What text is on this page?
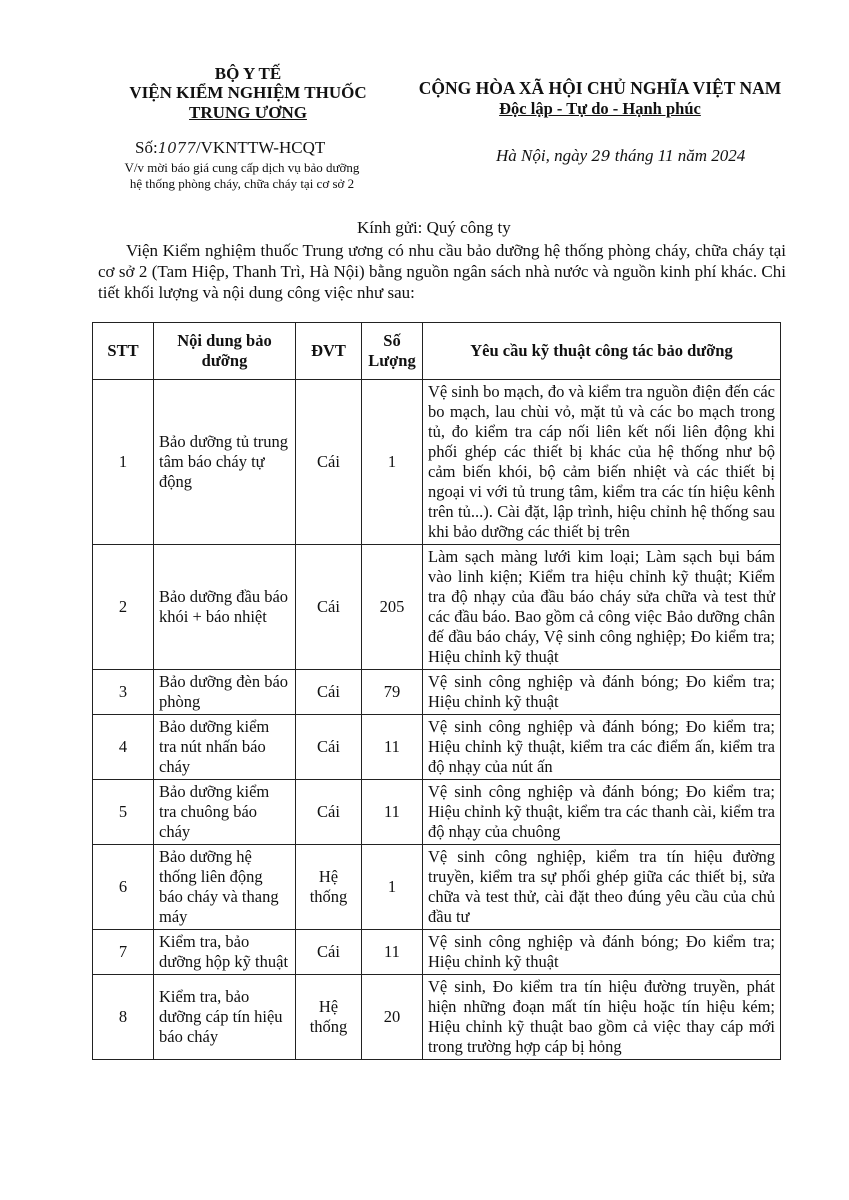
BỘ Y TẾ
VIỆN KIỂM NGHIỆM THUỐC
TRUNG ƯƠNG
CỘNG HÒA XÃ HỘI CHỦ NGHĨA VIỆT NAM
Độc lập - Tự do - Hạnh phúc
Số:1077/VKNTTW-HCQT
V/v mời báo giá cung cấp dịch vụ bảo dưỡng
hệ thống phòng cháy, chữa cháy tại cơ sở 2
Hà Nội, ngày 29 tháng 11 năm 2024
Kính gửi: Quý công ty
Viện Kiểm nghiệm thuốc Trung ương có nhu cầu bảo dưỡng hệ thống phòng cháy, chữa cháy tại cơ sở 2 (Tam Hiệp, Thanh Trì, Hà Nội) bằng nguồn ngân sách nhà nước và nguồn kinh phí khác. Chi tiết khối lượng và nội dung công việc như sau:
STT	Nội dung bảo dưỡng	ĐVT	Số Lượng	Yêu cầu kỹ thuật công tác bảo dưỡng
1	Bảo dưỡng tủ trung tâm báo cháy tự động	Cái	1	Vệ sinh bo mạch, đo và kiểm tra nguồn điện đến các bo mạch, lau chùi vỏ, mặt tủ và các bo mạch trong tủ, đo kiểm tra cáp nối liên kết nối liên động khi phối ghép các thiết bị khác của hệ thống như bộ cảm biến khói, bộ cảm biến nhiệt và các thiết bị ngoại vi với tủ trung tâm, kiểm tra các tín hiệu kênh trên tủ...). Cài đặt, lập trình, hiệu chỉnh hệ thống sau khi bảo dưỡng các thiết bị trên
2	Bảo dưỡng đầu báo khói + báo nhiệt	Cái	205	Làm sạch màng lưới kim loại; Làm sạch bụi bám vào linh kiện; Kiểm tra hiệu chỉnh kỹ thuật; Kiểm tra độ nhạy của đầu báo cháy sửa chữa và test thử các đầu báo. Bao gồm cả công việc Bảo dưỡng chân đế đầu báo cháy, Vệ sinh công nghiệp; Đo kiểm tra; Hiệu chỉnh kỹ thuật
3	Bảo dưỡng đèn báo phòng	Cái	79	Vệ sinh công nghiệp và đánh bóng; Đo kiểm tra; Hiệu chỉnh kỹ thuật
4	Bảo dưỡng kiểm tra nút nhấn báo cháy	Cái	11	Vệ sinh công nghiệp và đánh bóng; Đo kiểm tra; Hiệu chỉnh kỹ thuật, kiểm tra các điểm ấn, kiểm tra độ nhạy của nút ấn
5	Bảo dưỡng kiểm tra chuông báo cháy	Cái	11	Vệ sinh công nghiệp và đánh bóng; Đo kiểm tra; Hiệu chỉnh kỹ thuật, kiểm tra các thanh cài, kiểm tra độ nhạy của chuông
6	Bảo dưỡng hệ thống liên động báo cháy và thang máy	Hệ thống	1	Vệ sinh công nghiệp, kiểm tra tín hiệu đường truyền, kiểm tra sự phối ghép giữa các thiết bị, sửa chữa và test thử, cài đặt theo đúng yêu cầu của chủ đầu tư
7	Kiểm tra, bảo dưỡng hộp kỹ thuật	Cái	11	Vệ sinh công nghiệp và đánh bóng; Đo kiểm tra; Hiệu chỉnh kỹ thuật
8	Kiểm tra, bảo dưỡng cáp tín hiệu báo cháy	Hệ thống	20	Vệ sinh, Đo kiểm tra tín hiệu đường truyền, phát hiện những đoạn mất tín hiệu hoặc tín hiệu kém; Hiệu chỉnh kỹ thuật bao gồm cả việc thay cáp mới trong trường hợp cáp bị hỏng
